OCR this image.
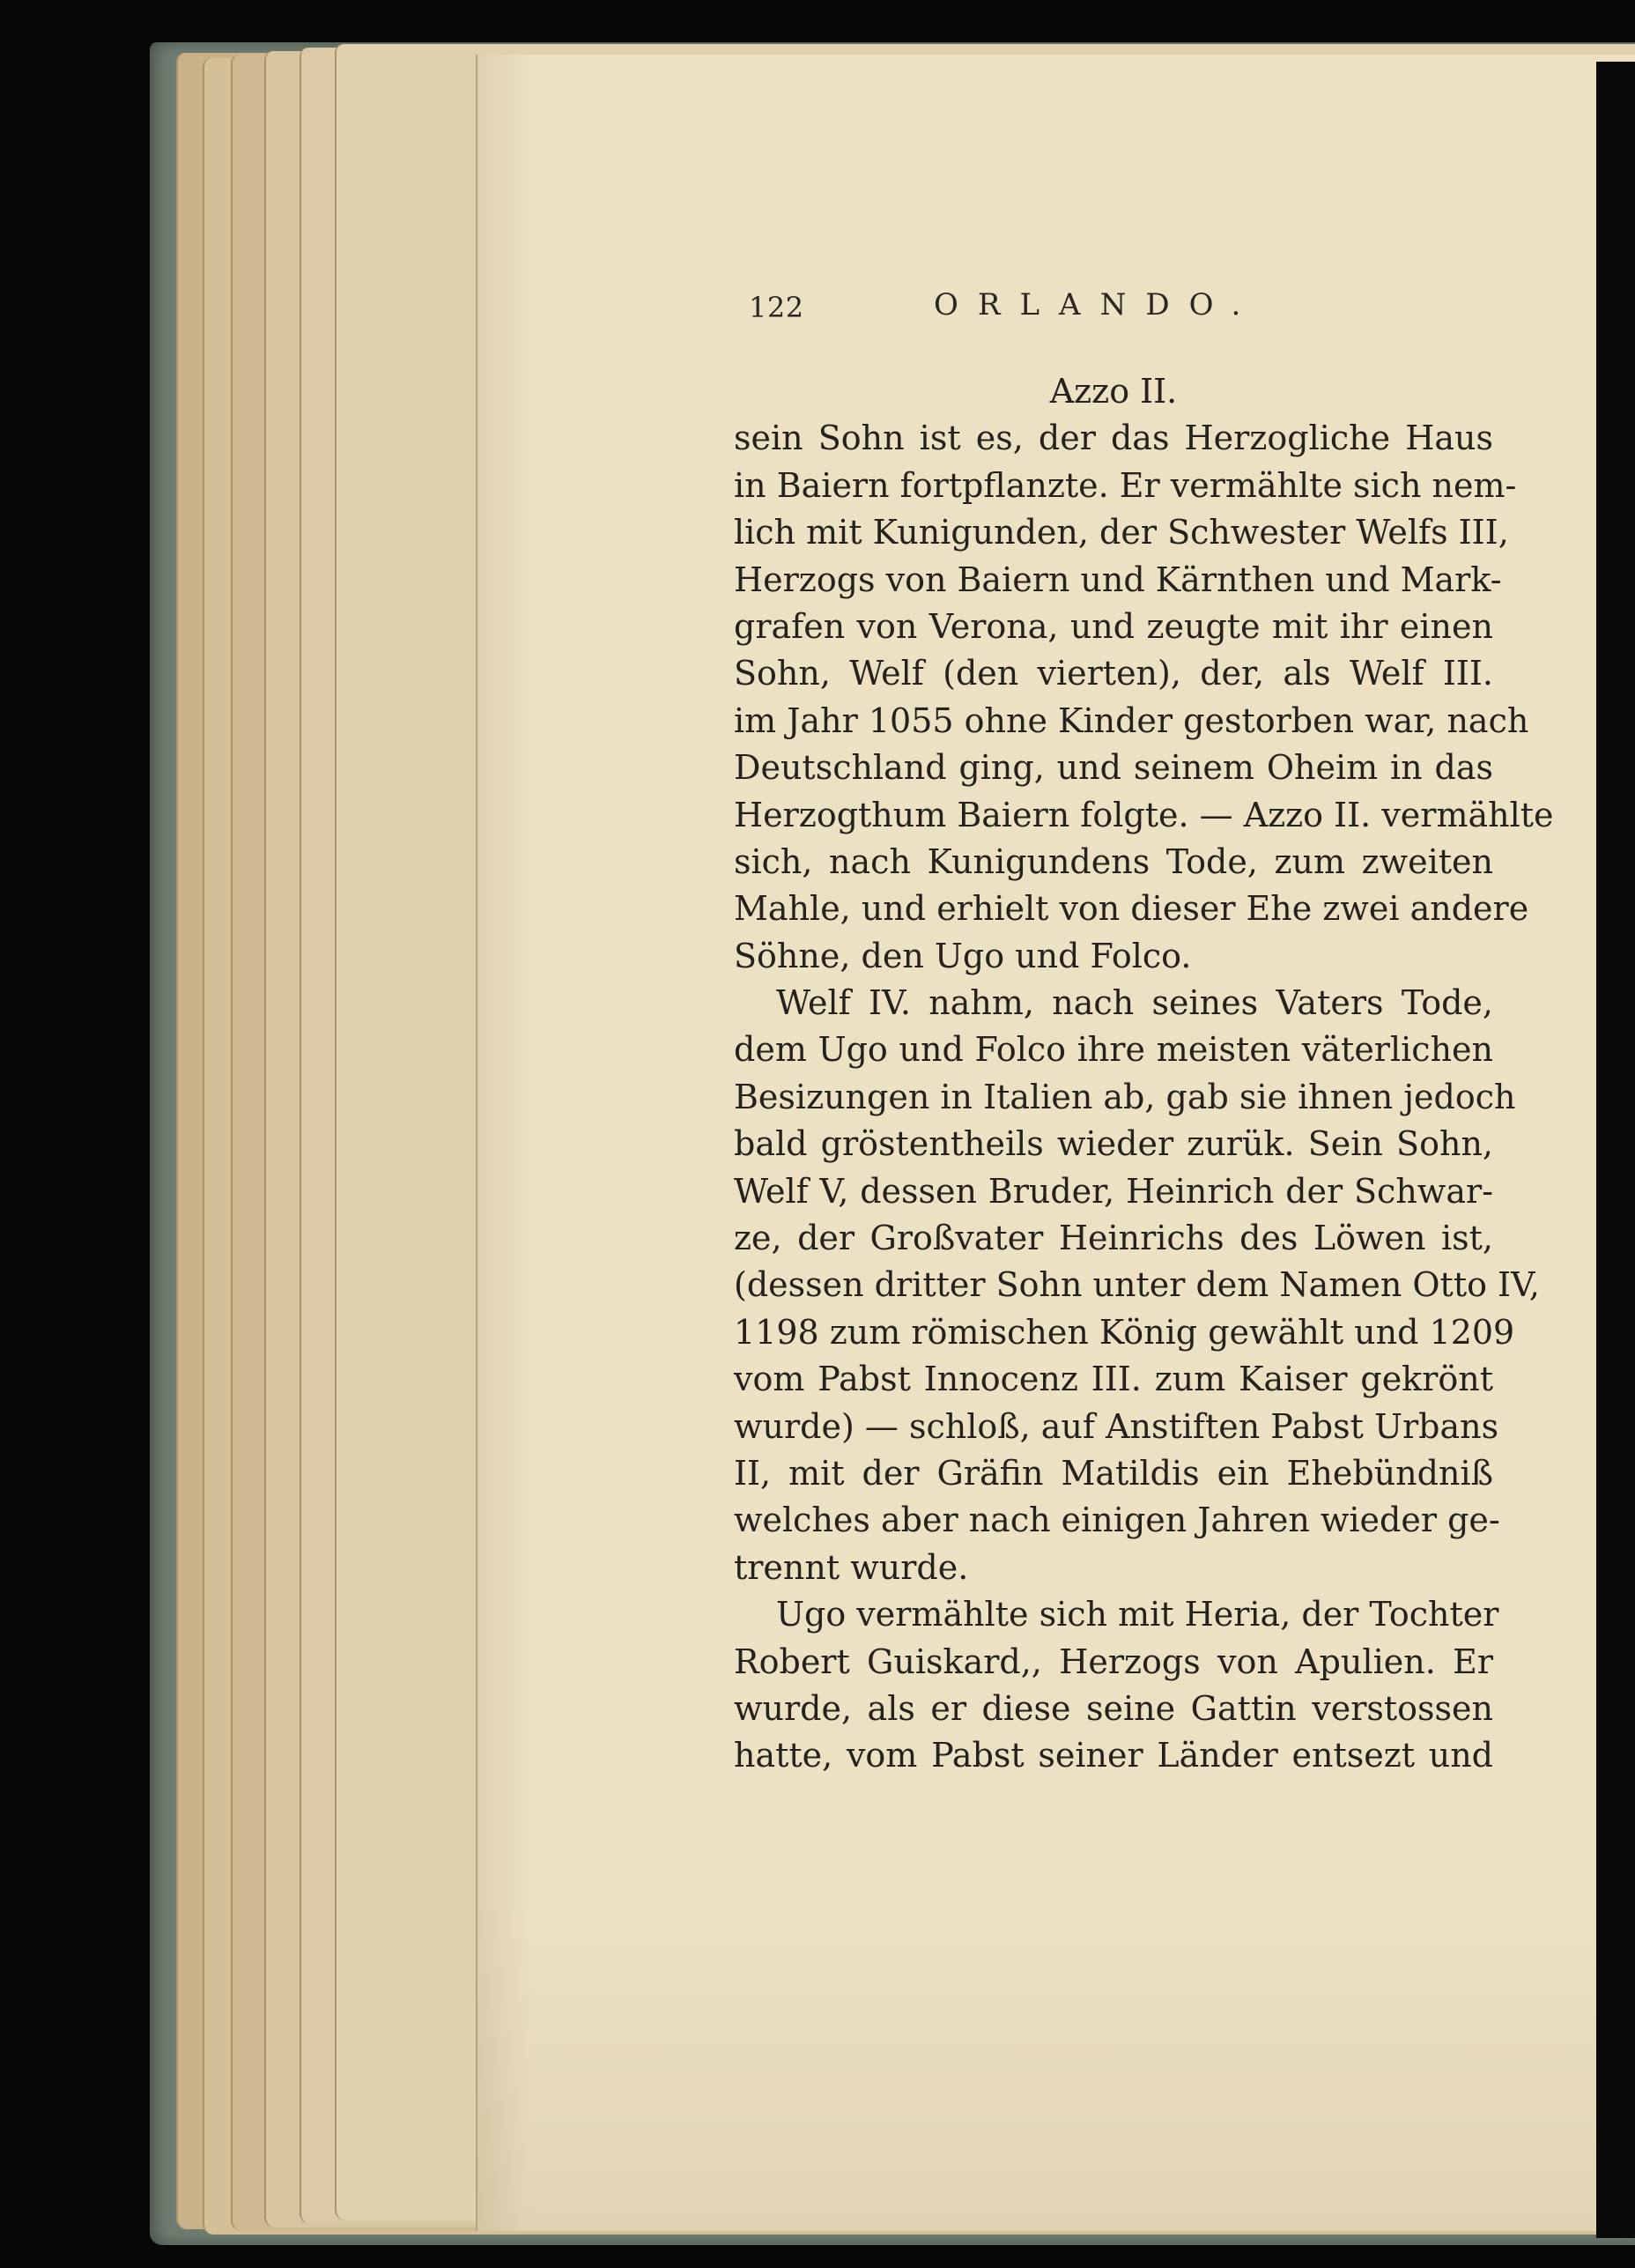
122	ORLANDO.
Azzo II.
sein Sohn ist es, der das Herzogliche Haus
in Baiern fortpflanzte. Er vermählte sich nem-
lich mit Kunigunden, der Schwester Welfs III,
Herzogs von Baiern und Kärnthen und Mark-
grafen von Verona, und zeugte mit ihr einen
Sohn, Welf (den vierten), der, als Welf III.
im Jahr 1055 ohne Kinder gestorben war, nach
Deutschland ging, und seinem Oheim in das
Herzogthum Baiern folgte. — Azzo II. vermählte
sich, nach Kunigundens Tode, zum zweiten
Mahle, und erhielt von dieser Ehe zwei andere
Söhne, den Ugo und Folco.
Welf IV. nahm, nach seines Vaters Tode,
dem Ugo und Folco ihre meisten väterlichen
Besizungen in Italien ab, gab sie ihnen jedoch
bald gröstentheils wieder zurük. Sein Sohn,
Welf V, dessen Bruder, Heinrich der Schwar-
ze, der Großvater Heinrichs des Löwen ist,
(dessen dritter Sohn unter dem Namen Otto IV,
1198 zum römischen König gewählt und 1209
vom Pabst Innocenz III. zum Kaiser gekrönt
wurde) — schloß, auf Anstiften Pabst Urbans
II, mit der Gräfin Matildis ein Ehebündniß
welches aber nach einigen Jahren wieder ge-
trennt wurde.
Ugo vermählte sich mit Heria, der Tochter
Robert Guiskard,, Herzogs von Apulien. Er
wurde, als er diese seine Gattin verstossen
hatte, vom Pabst seiner Länder entsezt und
